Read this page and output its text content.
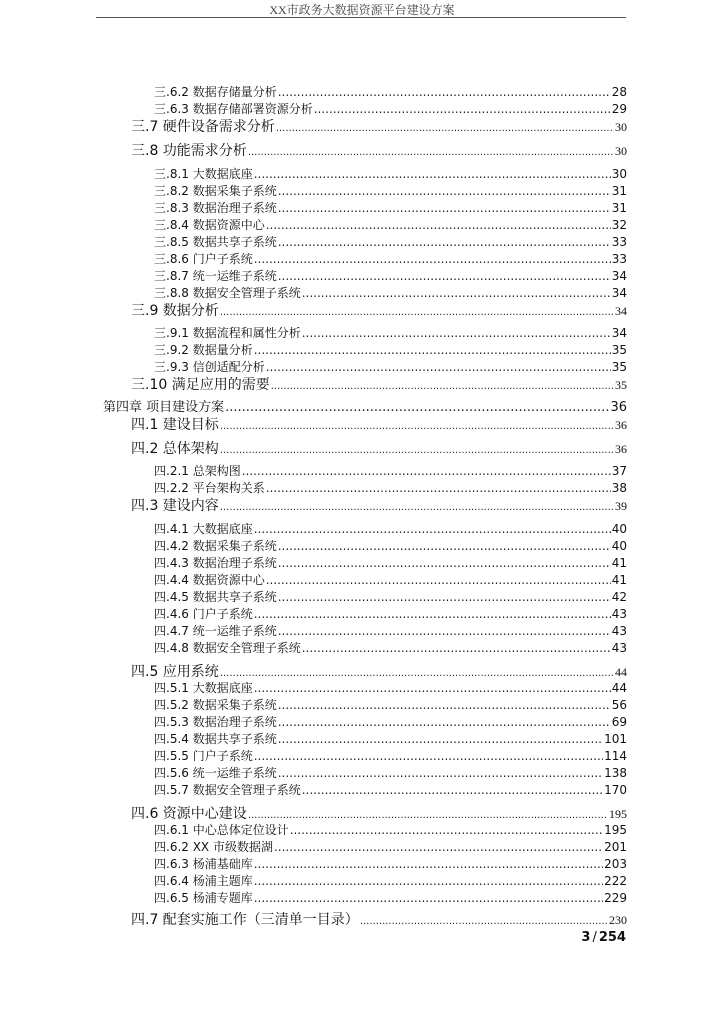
XX市政务大数据资源平台建设方案
三.6.2 数据存储量分析 .....	28
三.6.3 数据存储部署资源分析 .....	29
三.7 硬件设备需求分析 .....	30
三.8 功能需求分析 .....	30
三.8.1 大数据底座 .....	30
三.8.2 数据采集子系统 .....	31
三.8.3 数据治理子系统 .....	31
三.8.4 数据资源中心 .....	32
三.8.5 数据共享子系统 .....	33
三.8.6 门户子系统 .....	33
三.8.7 统一运维子系统 .....	34
三.8.8 数据安全管理子系统 .....	34
三.9 数据分析 .....	34
三.9.1 数据流程和属性分析 .....	34
三.9.2 数据量分析 .....	35
三.9.3 信创适配分析 .....	35
三.10 满足应用的需要 .....	35
第四章 项目建设方案 .....	36
四.1 建设目标 .....	36
四.2 总体架构 .....	36
四.2.1 总架构图 .....	37
四.2.2 平台架构关系 .....	38
四.3 建设内容 .....	39
四.4.1 大数据底座 .....	40
四.4.2 数据采集子系统 .....	40
四.4.3 数据治理子系统 .....	41
四.4.4 数据资源中心 .....	41
四.4.5 数据共享子系统 .....	42
四.4.6 门户子系统 .....	43
四.4.7 统一运维子系统 .....	43
四.4.8 数据安全管理子系统 .....	43
四.5 应用系统 .....	44
四.5.1 大数据底座 .....	44
四.5.2 数据采集子系统 .....	56
四.5.3 数据治理子系统 .....	69
四.5.4 数据共享子系统 .....	101
四.5.5 门户子系统 .....	114
四.5.6 统一运维子系统 .....	138
四.5.7 数据安全管理子系统 .....	170
四.6 资源中心建设 .....	195
四.6.1 中心总体定位设计 .....	195
四.6.2 XX 市级数据湖 .....	201
四.6.3 杨浦基础库 .....	203
四.6.4 杨浦主题库 .....	222
四.6.5 杨浦专题库 .....	229
四.7 配套实施工作（三清单一目录） .....	230
3 / 254
